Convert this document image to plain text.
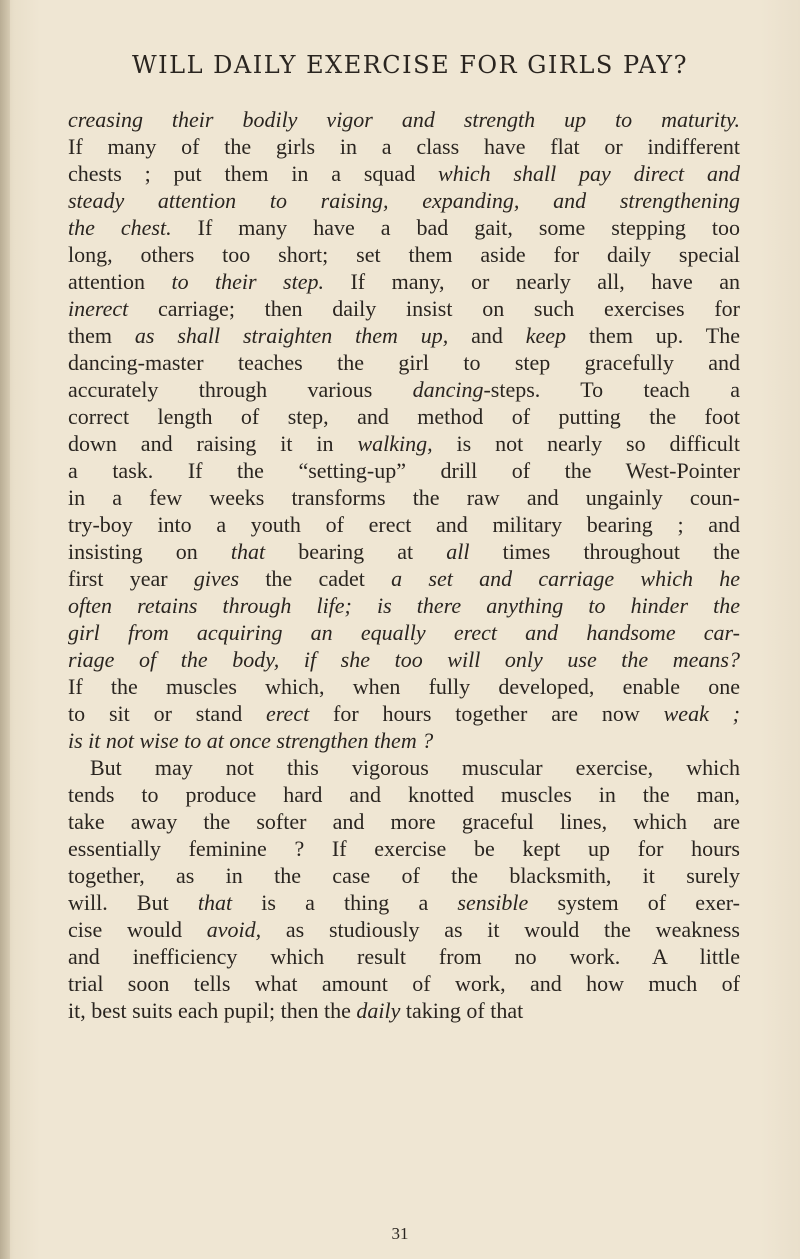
WILL DAILY EXERCISE FOR GIRLS PAY?
creasing their bodily vigor and strength up to maturity.
If many of the girls in a class have flat or indifferent
chests ; put them in a squad which shall pay direct and
steady attention to raising, expanding, and strengthening
the chest. If many have a bad gait, some stepping too
long, others too short; set them aside for daily special
attention to their step. If many, or nearly all, have an
inerect carriage; then daily insist on such exercises for
them as shall straighten them up, and keep them up. The
dancing-master teaches the girl to step gracefully and
accurately through various dancing-steps. To teach a
correct length of step, and method of putting the foot
down and raising it in walking, is not nearly so difficult
a task. If the “setting-up” drill of the West-Pointer
in a few weeks transforms the raw and ungainly coun-
try-boy into a youth of erect and military bearing ; and
insisting on that bearing at all times throughout the
first year gives the cadet a set and carriage which he
often retains through life; is there anything to hinder the
girl from acquiring an equally erect and handsome car-
riage of the body, if she too will only use the means?
If the muscles which, when fully developed, enable one
to sit or stand erect for hours together are now weak ;
is it not wise to at once strengthen them ?
But may not this vigorous muscular exercise, which
tends to produce hard and knotted muscles in the man,
take away the softer and more graceful lines, which are
essentially feminine ? If exercise be kept up for hours
together, as in the case of the blacksmith, it surely
will. But that is a thing a sensible system of exer-
cise would avoid, as studiously as it would the weakness
and inefficiency which result from no work. A little
trial soon tells what amount of work, and how much of
it, best suits each pupil; then the daily taking of that
31
